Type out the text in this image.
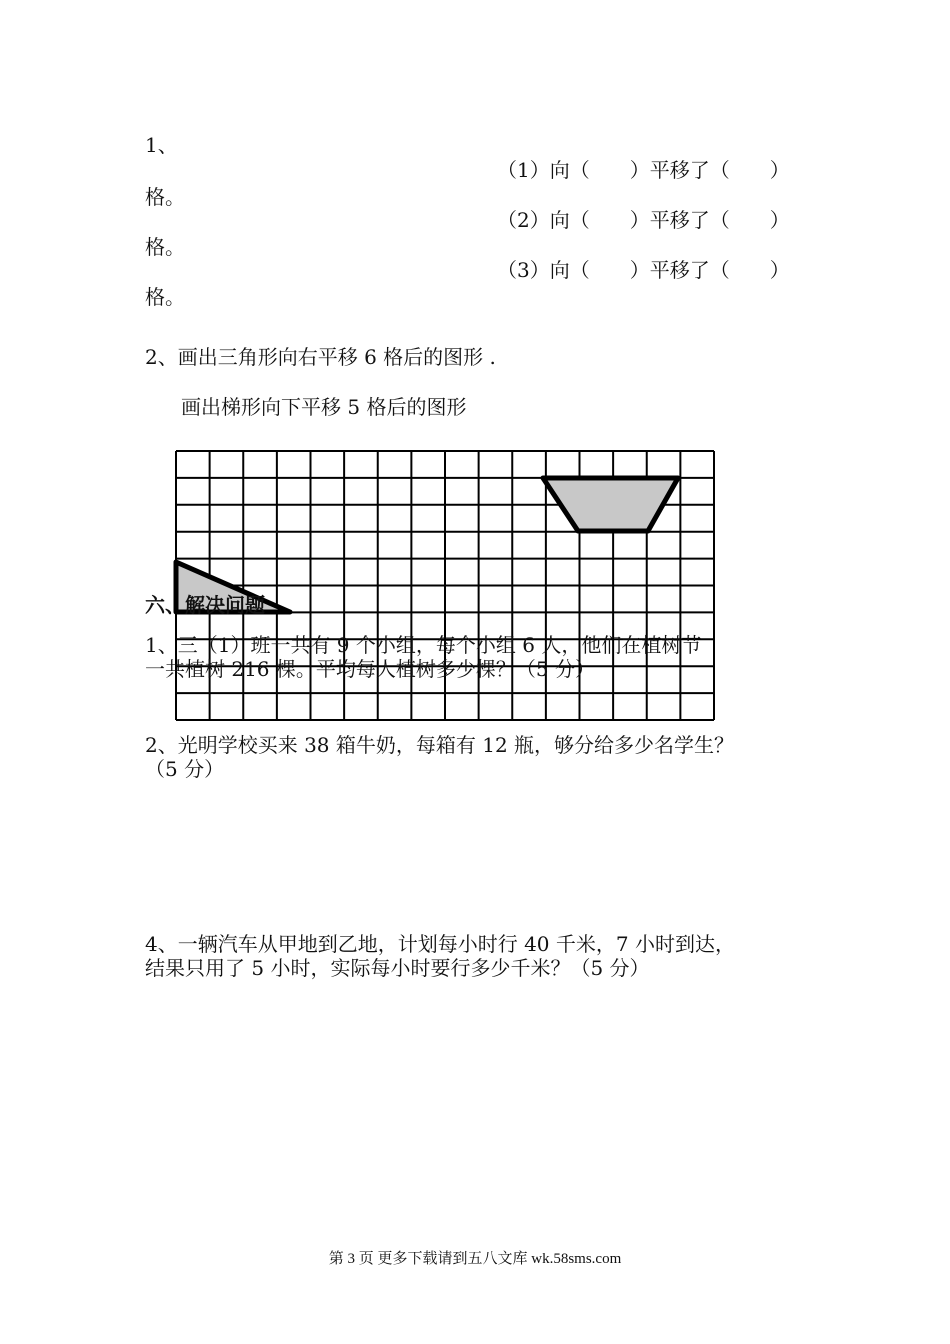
1、
（1）向（　　）平移了（　　）
格。
（2）向（　　）平移了（　　）
格。
（3）向（　　）平移了（　　）
格。
2、画出三角形向右平移 6 格后的图形 .
画出梯形向下平移 5 格后的图形
六、解决问题
1、三（1）班一共有 9 个小组，每个小组 6 人，他们在植树节
一共植树 216 棵。平均每人植树多少棵？（5 分）
2、光明学校买来 38 箱牛奶，每箱有 12 瓶，够分给多少名学生？
（5 分）
4、一辆汽车从甲地到乙地，计划每小时行 40 千米，7 小时到达，
结果只用了 5 小时，实际每小时要行多少千米？（5 分）
第 3 页 更多下载请到五八文库 wk.58sms.com
